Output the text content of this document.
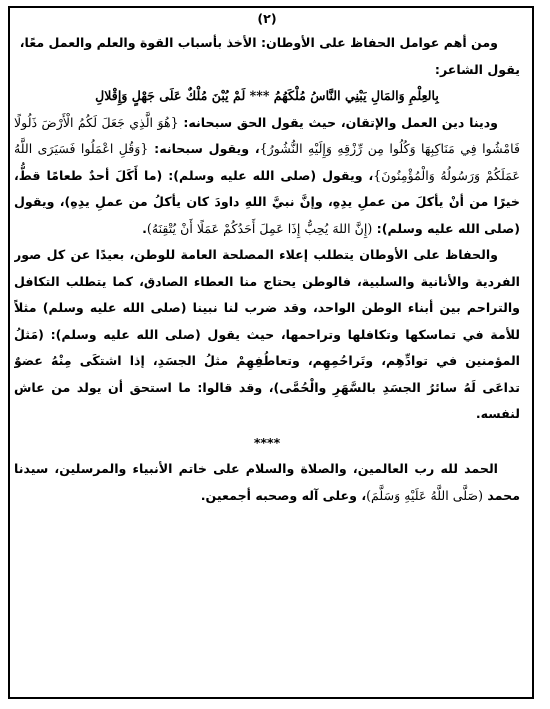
(٢)

ومن أهم عوامل الحفاظ على الأوطان: الأخذ بأسباب القوة والعلم والعمل معًا،

يقول الشاعر:

بِالعِلْمِ وَالمَالِ يَبْنِي النَّاسُ مُلْكَهُمُ *** لَمْ يُبْنَ مُلْكٌ عَلَى جَهْلٍ وَإِقْلالِ

ودينا دين العمل والإتقان، حيث يقول الحق سبحانه: {هُوَ الَّذِي جَعَلَ لَكُمُ الْأَرْضَ ذَلُولًا فَامْشُوا فِي مَنَاكِبِهَا وَكُلُوا مِن رِّزْقِهِ وَإِلَيْهِ النُّشُورُ}، ويقول سبحانه: {وَقُلِ اعْمَلُوا فَسَيَرَى اللَّهُ عَمَلَكُمْ وَرَسُولُهُ وَالْمُؤْمِنُونَ}، ويقول (صلى الله عليه وسلم): (ما أَكَلَ أحدٌ طعامًا قطُّ، خيرًا من أنْ يأكلَ من عملِ يدِهِ، وإنَّ نبيَّ اللهِ داودَ كان يأكلُ من عملِ يدِهِ)، ويقول (صلى الله عليه وسلم): (إِنَّ اللهَ يُحِبُّ إِذَا عَمِلَ أَحَدُكُمْ عَمَلًا أَنْ يُتْقِنَهُ).

والحفاظ على الأوطان يتطلب إعلاء المصلحة العامة للوطن، بعيدًا عن كل صور الفردية والأنانية والسلبية، فالوطن يحتاج منا العطاء الصادق، كما يتطلب التكافل والتراحم بين أبناء الوطن الواحد، وقد ضرب لنا نبينا (صلى الله عليه وسلم) مثلاً للأمة في تماسكها وتكافلها وتراحمها، حيث يقول (صلى الله عليه وسلم): (مَثلُ المؤمنين في توادِّهِم، وتَراحُمِهِم، وتعاطُفِهِمْ مثلُ الجسَدِ، إذا اشتكَى مِنْهُ عضوٌ تداعَى لَهُ سائرُ الجسَدِ بالسَّهَرِ والْحُمَّى)، وقد قالوا: ما استحق أن يولد من عاش لنفسه.

****

الحمد لله رب العالمين، والصلاة والسلام على خاتم الأنبياء والمرسلين، سيدنا محمد (صَلَّى اللَّهُ عَلَيْهِ وَسَلَّمَ)، وعلى آله وصحبه أجمعين.
